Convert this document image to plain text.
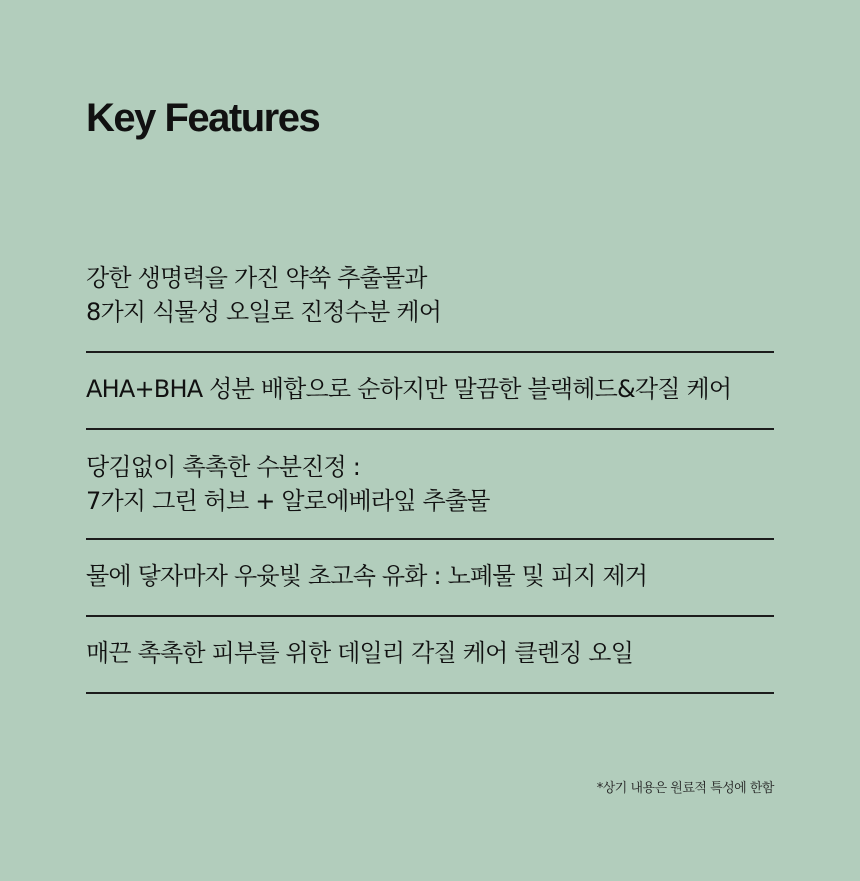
Key Features
강한 생명력을 가진 약쑥 추출물과
8가지 식물성 오일로 진정수분 케어
AHA+BHA 성분 배합으로 순하지만 말끔한 블랙헤드&각질 케어
당김없이 촉촉한 수분진정 :
7가지 그린 허브 + 알로에베라잎 추출물
물에 닿자마자 우윳빛 초고속 유화 : 노폐물 및 피지 제거
매끈 촉촉한 피부를 위한 데일리 각질 케어 클렌징 오일

*상기 내용은 원료적 특성에 한함
